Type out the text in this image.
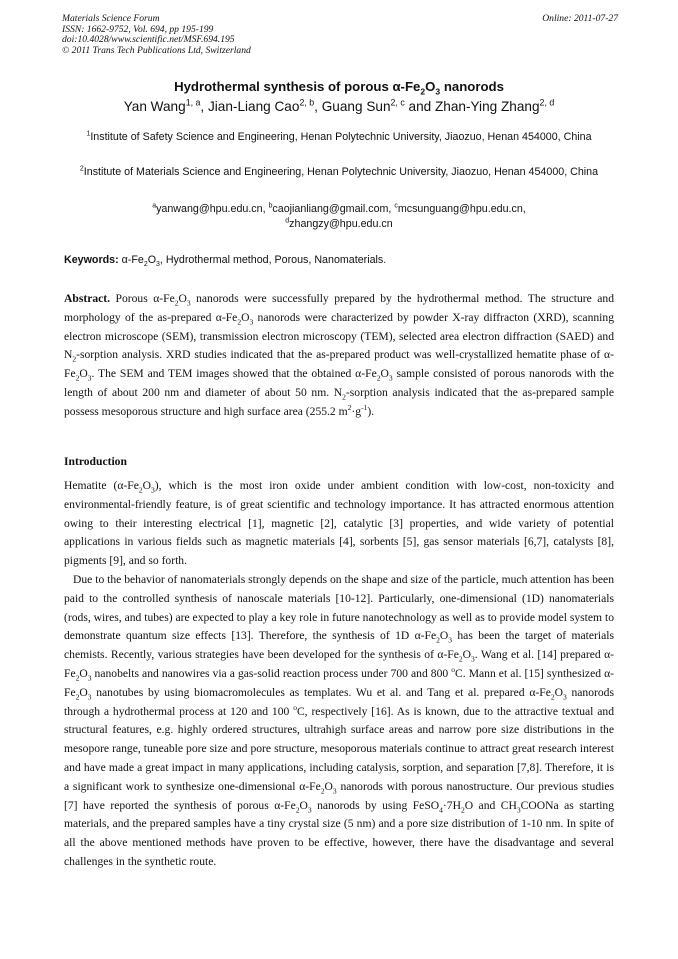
Materials Science Forum
ISSN: 1662-9752, Vol. 694, pp 195-199
doi:10.4028/www.scientific.net/MSF.694.195
© 2011 Trans Tech Publications Ltd, Switzerland
Online: 2011-07-27
Hydrothermal synthesis of porous $\alpha-Fe_2O_3$ nanorods
Yan Wang$^{1, a}$, Jian-Liang Cao$^{2, b}$, Guang Sun$^{2, c}$ and Zhan-Ying Zhang$^{2, d}$
$^1$Institute of Safety Science and Engineering, Henan Polytechnic University, Jiaozuo, Henan 454000, China
$^2$Institute of Materials Science and Engineering, Henan Polytechnic University, Jiaozuo, Henan 454000, China
$^a$yanwang@hpu.edu.cn, $^b$caojianliang@gmail.com, $^c$mcsunguang@hpu.edu.cn,
$^d$zhangzy@hpu.edu.cn
Keywords: $\alpha-Fe_2O_3$, Hydrothermal method, Porous, Nanomaterials.
Abstract. Porous $\alpha-Fe_2O_3$ nanorods were successfully prepared by the hydrothermal method. The structure and morphology of the as-prepared $\alpha-Fe_2O_3$ nanorods were characterized by powder X-ray diffracton (XRD), scanning electron microscope (SEM), transmission electron microscopy (TEM), selected area electron diffraction (SAED) and $N_2$-sorption analysis. XRD studies indicated that the as-prepared product was well-crystallized hematite phase of $\alpha-Fe_2O_3$. The SEM and TEM images showed that the obtained $\alpha-Fe_2O_3$ sample consisted of porous nanorods with the length of about 200 nm and diameter of about 50 nm. $N_2$-sorption analysis indicated that the as-prepared sample possess mesoporous structure and high surface area (255.2 $m^2\cdot g^{-1}$).
Introduction
Hematite $(\alpha-Fe_2O_3)$, which is the most iron oxide under ambient condition with low-cost, non-toxicity and environmental-friendly feature, is of great scientific and technology importance. It has attracted enormous attention owing to their interesting electrical [1], magnetic [2], catalytic [3] properties, and wide variety of potential applications in various fields such as magnetic materials [4], sorbents [5], gas sensor materials [6,7], catalysts [8], pigments [9], and so forth.
Due to the behavior of nanomaterials strongly depends on the shape and size of the particle, much attention has been paid to the controlled synthesis of nanoscale materials [10-12]. Particularly, one-dimensional (1D) nanomaterials (rods, wires, and tubes) are expected to play a key role in future nanotechnology as well as to provide model system to demonstrate quantum size effects [13]. Therefore, the synthesis of 1D $\alpha-Fe_2O_3$ has been the target of materials chemists. Recently, various strategies have been developed for the synthesis of $\alpha-Fe_2O_3$. Wang et al. [14] prepared $\alpha-Fe_2O_3$ nanobelts and nanowires via a gas-solid reaction process under 700 and 800 $^o$C. Mann et al. [15] synthesized $\alpha-Fe_2O_3$ nanotubes by using biomacromolecules as templates. Wu et al. and Tang et al. prepared $\alpha-Fe_2O_3$ nanorods through a hydrothermal process at 120 and 100 $^o$C, respectively [16]. As is known, due to the attractive textual and structural features, e.g. highly ordered structures, ultrahigh surface areas and narrow pore size distributions in the mesopore range, tuneable pore size and pore structure, mesoporous materials continue to attract great research interest and have made a great impact in many applications, including catalysis, sorption, and separation [7,8]. Therefore, it is a significant work to synthesize one-dimensional $\alpha-Fe_2O_3$ nanorods with porous nanostructure. Our previous studies [7] have reported the synthesis of porous $\alpha-Fe_2O_3$ nanorods by using $FeSO_4\cdot 7H_2O$ and $CH_3COONa$ as starting materials, and the prepared samples have a tiny crystal size (5 nm) and a pore size distribution of 1-10 nm. In spite of all the above mentioned methods have proven to be effective, however, there have the disadvantage and several challenges in the synthetic route.
